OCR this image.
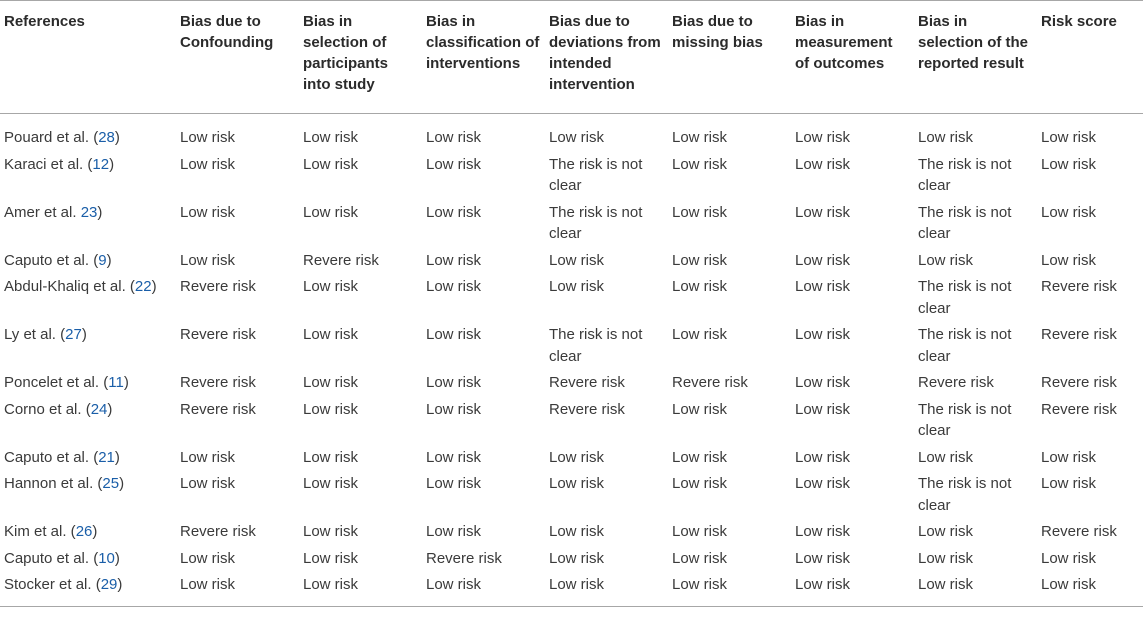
References	Bias due to Confounding	Bias in selection of participants into study	Bias in classification of interventions	Bias due to deviations from intended intervention	Bias due to missing bias	Bias in measurement of outcomes	Bias in selection of the reported result	Risk score
Pouard et al. (28)	Low risk	Low risk	Low risk	Low risk	Low risk	Low risk	Low risk	Low risk
Karaci et al. (12)	Low risk	Low risk	Low risk	The risk is not clear	Low risk	Low risk	The risk is not clear	Low risk
Amer et al. 23)	Low risk	Low risk	Low risk	The risk is not clear	Low risk	Low risk	The risk is not clear	Low risk
Caputo et al. (9)	Low risk	Revere risk	Low risk	Low risk	Low risk	Low risk	Low risk	Low risk
Abdul-Khaliq et al. (22)	Revere risk	Low risk	Low risk	Low risk	Low risk	Low risk	The risk is not clear	Revere risk
Ly et al. (27)	Revere risk	Low risk	Low risk	The risk is not clear	Low risk	Low risk	The risk is not clear	Revere risk
Poncelet et al. (11)	Revere risk	Low risk	Low risk	Revere risk	Revere risk	Low risk	Revere risk	Revere risk
Corno et al. (24)	Revere risk	Low risk	Low risk	Revere risk	Low risk	Low risk	The risk is not clear	Revere risk
Caputo et al. (21)	Low risk	Low risk	Low risk	Low risk	Low risk	Low risk	Low risk	Low risk
Hannon et al. (25)	Low risk	Low risk	Low risk	Low risk	Low risk	Low risk	The risk is not clear	Low risk
Kim et al. (26)	Revere risk	Low risk	Low risk	Low risk	Low risk	Low risk	Low risk	Revere risk
Caputo et al. (10)	Low risk	Low risk	Revere risk	Low risk	Low risk	Low risk	Low risk	Low risk
Stocker et al. (29)	Low risk	Low risk	Low risk	Low risk	Low risk	Low risk	Low risk	Low risk
